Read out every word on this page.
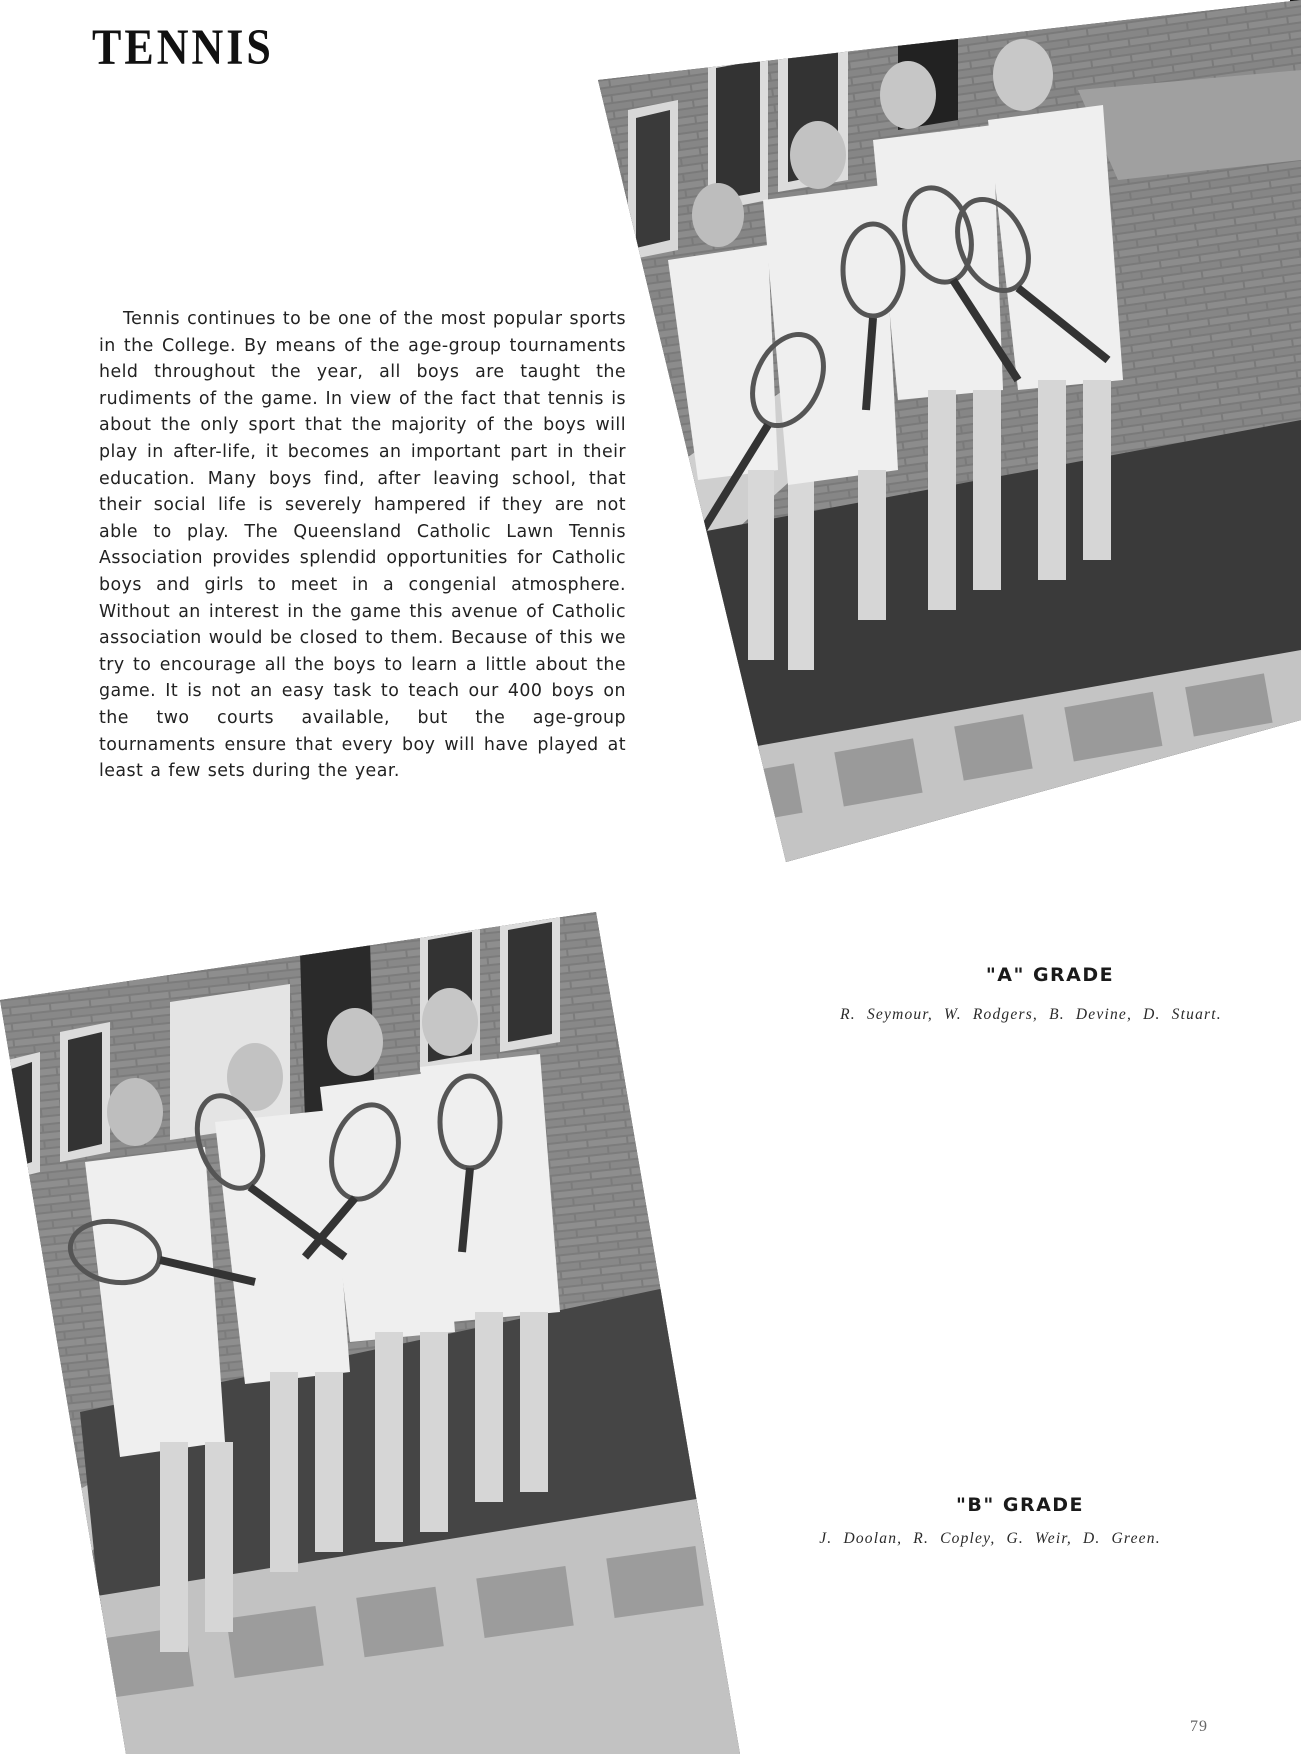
TENNIS

Tennis continues to be one of the most popular sports in the College. By means of the age-group tournaments held throughout the year, all boys are taught the rudiments of the game. In view of the fact that tennis is about the only sport that the majority of the boys will play in after-life, it becomes an important part in their education. Many boys find, after leaving school, that their social life is severely hampered if they are not able to play. The Queensland Catholic Lawn Tennis Association provides splendid opportunities for Catholic boys and girls to meet in a congenial atmosphere. Without an interest in the game this avenue of Catholic association would be closed to them. Because of this we try to encourage all the boys to learn a little about the game. It is not an easy task to teach our 400 boys on the two courts available, but the age-group tournaments ensure that every boy will have played at least a few sets during the year.

"A" GRADE

R. Seymour, W. Rodgers, B. Devine, D. Stuart.

"B" GRADE

J. Doolan, R. Copley, G. Weir, D. Green.

79
